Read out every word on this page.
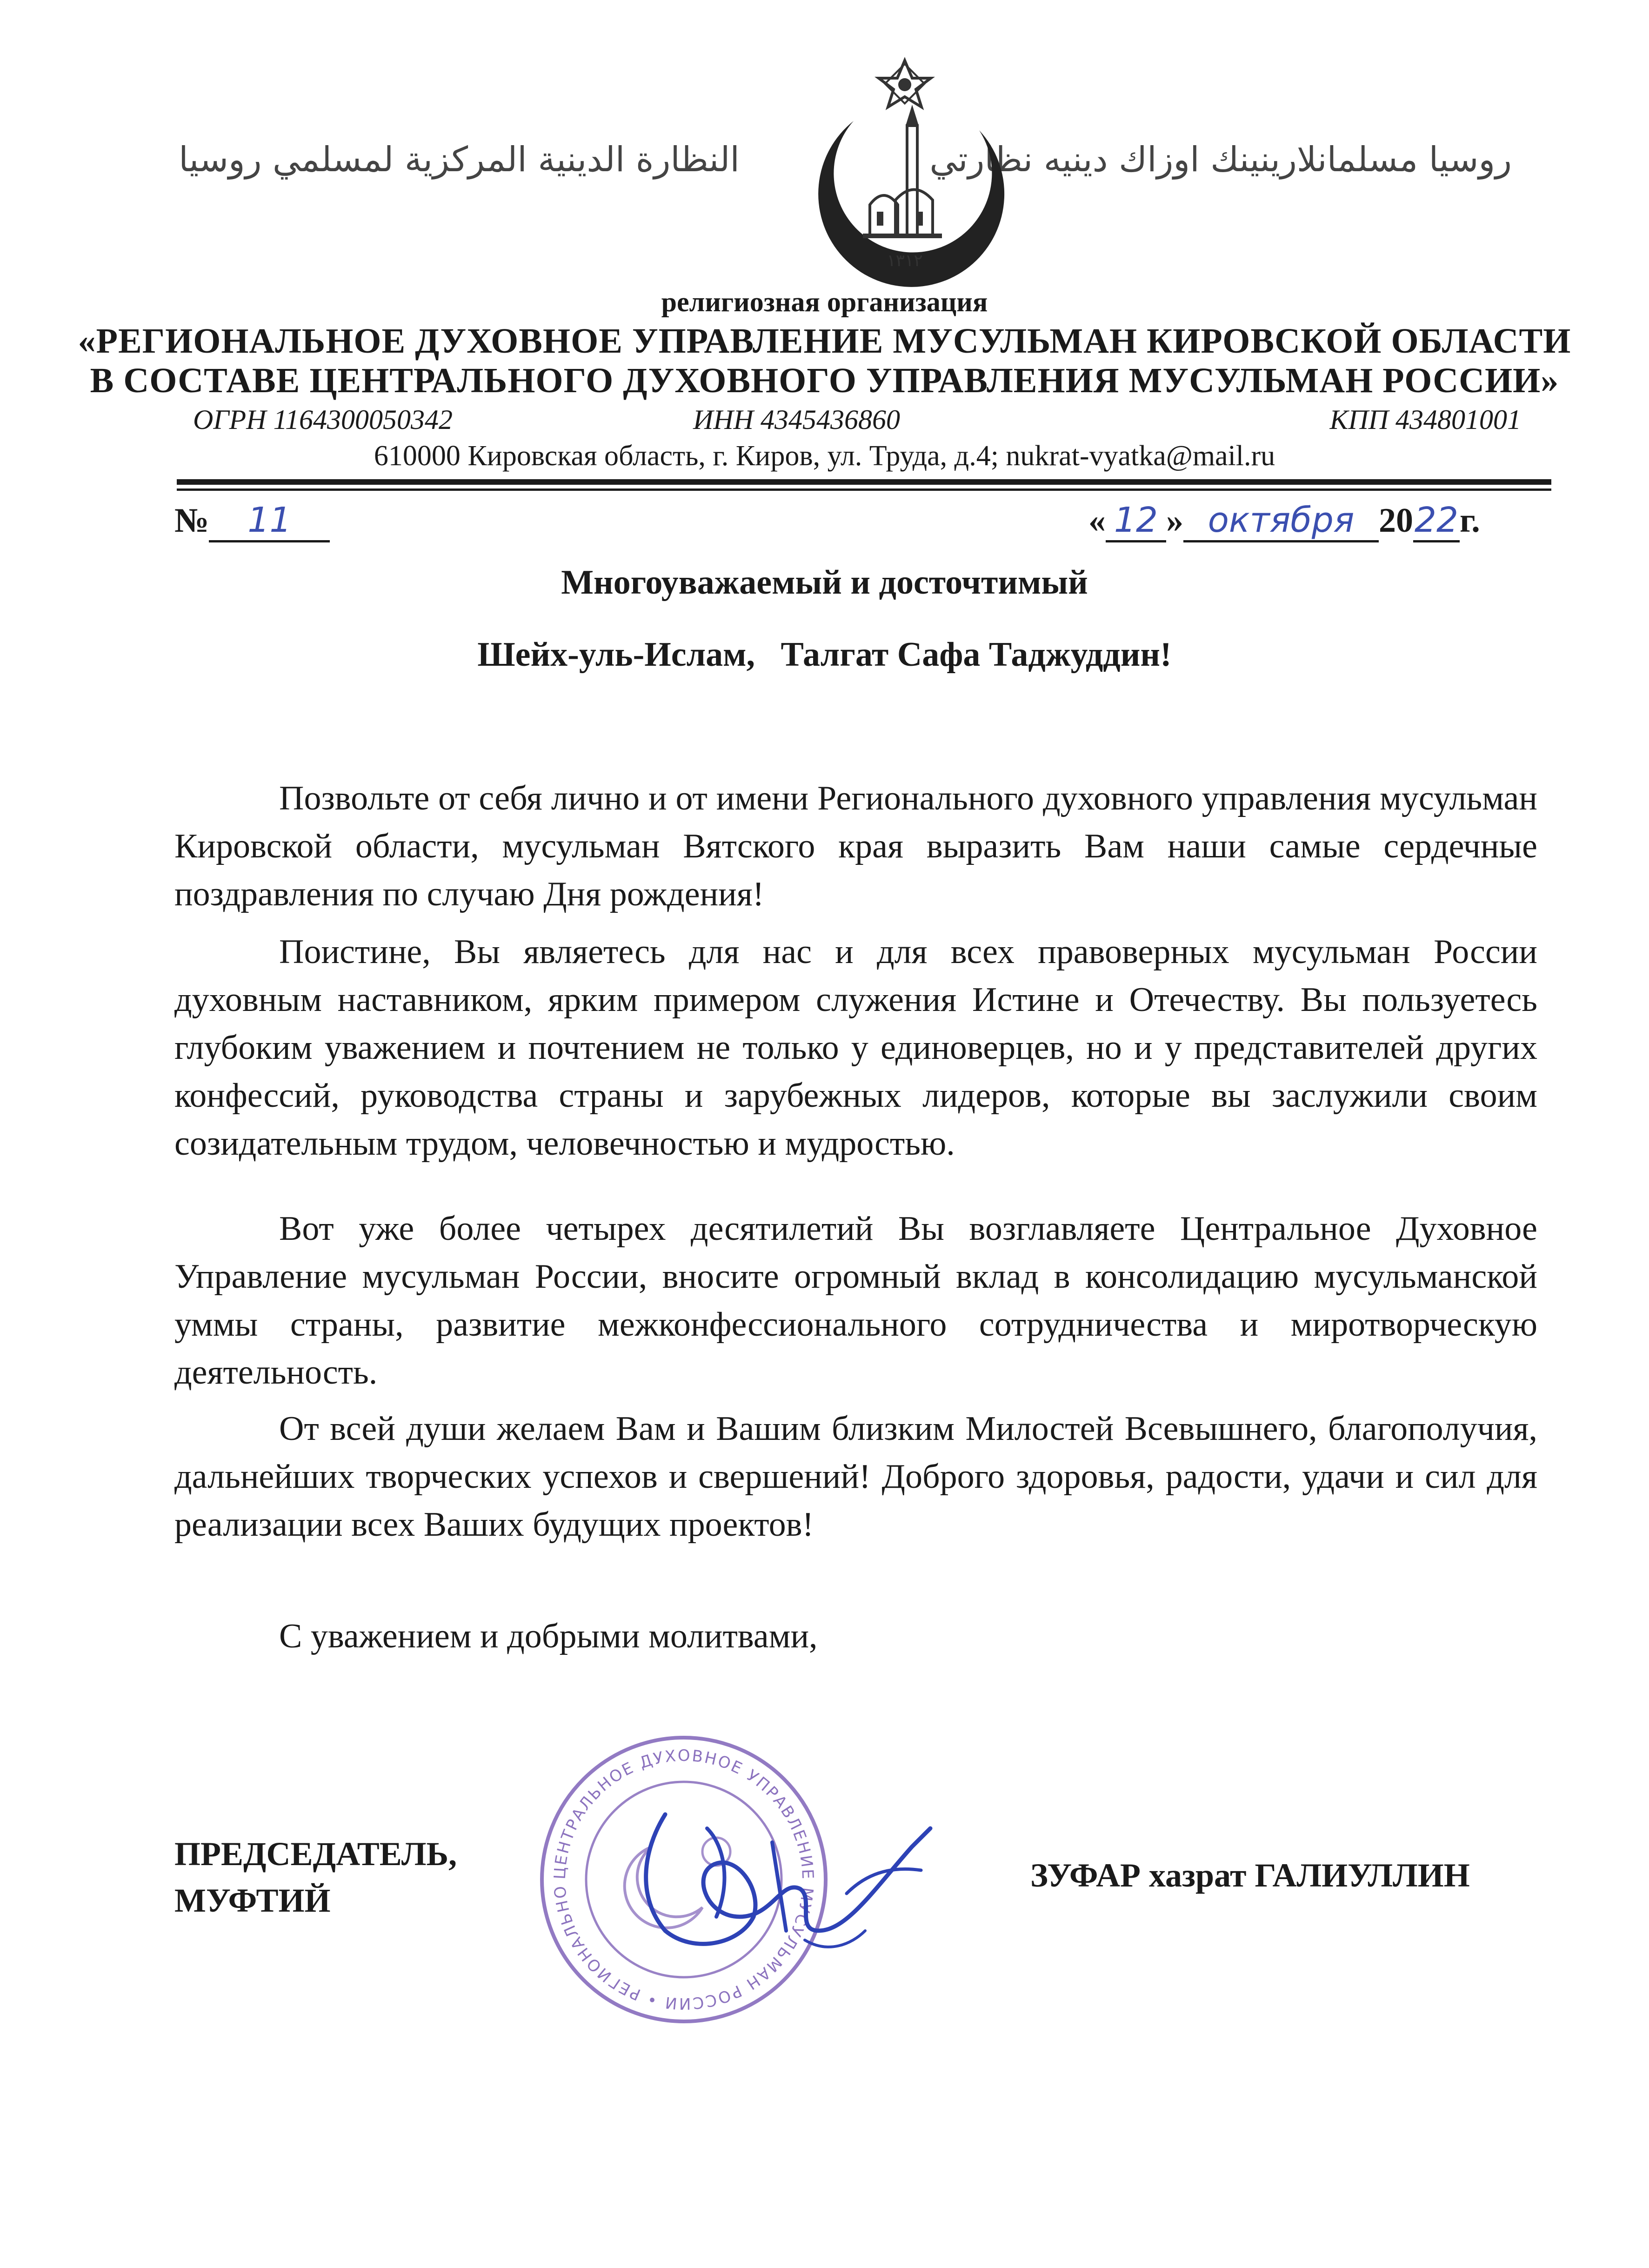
النظارة الدينية المركزية لمسلمي روسيا	روسيا مسلمانلارينينك اوزاك دينيه نظارتي
١٣١٢
религиозная организация
«РЕГИОНАЛЬНОЕ ДУХОВНОЕ УПРАВЛЕНИЕ МУСУЛЬМАН КИРОВСКОЙ ОБЛАСТИ
В СОСТАВЕ ЦЕНТРАЛЬНОГО ДУХОВНОГО УПРАВЛЕНИЯ МУСУЛЬМАН РОССИИ»
ОГРН 1164300050342	ИНН 4345436860	КПП 434801001
610000 Кировская область, г. Киров, ул. Труда, д.4; nukrat-vyatka@mail.ru
№ 11	« 12 » октября 2022г.
Многоуважаемый и досточтимый
Шейх-уль-Ислам,   Талгат Сафа Таджуддин!

Позвольте от себя лично и от имени Регионального духовного управления мусульман Кировской области, мусульман Вятского края выразить Вам наши самые сердечные поздравления по случаю Дня рождения!

Поистине, Вы являетесь для нас и для всех правоверных мусульман России духовным наставником, ярким примером служения Истине и Отечеству. Вы пользуетесь глубоким уважением и почтением не только у единоверцев, но и у представителей других конфессий, руководства страны и зарубежных лидеров, которые вы заслужили своим созидательным трудом, человечностью и мудростью.

Вот уже более четырех десятилетий Вы возглавляете Центральное Духовное Управление мусульман России, вносите огромный вклад в консолидацию мусульманской уммы страны, развитие межконфессионального сотрудничества и миротворческую деятельность.

От всей души желаем Вам и Вашим близким Милостей Всевышнего, благополучия, дальнейших творческих успехов и свершений! Доброго здоровья, радости, удачи и сил для реализации всех Ваших будущих проектов!

С уважением и добрыми молитвами,
ЦЕНТРАЛЬНОЕ ДУХОВНОЕ УПРАВЛЕНИЕ МУСУЛЬМАН РОССИИ • РЕГИОНАЛЬНО
ПРЕДСЕДАТЕЛЬ,
МУФТИЙ
ЗУФАР хазрат ГАЛИУЛЛИН
